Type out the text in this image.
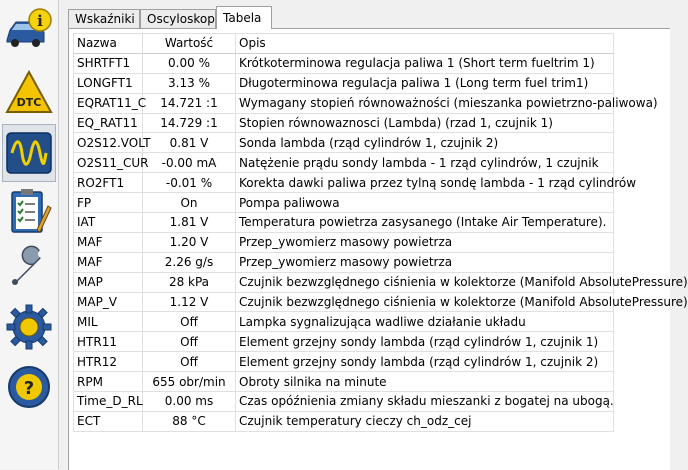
i
DTC
?
Wskaźniki	Oscyloskop Tabela
Nazwa	Wartość	Opis
SHRTFT1	0.00 %	Krótkoterminowa regulacja paliwa 1 (Short term fueltrim 1)
LONGFT1	3.13 %	Długoterminowa regulacja paliwa 1 (Long term fuel trim1)
EQRAT11_C	14.721 :1	Wymagany stopień równoważności (mieszanka powietrzno-paliwowa)
EQ_RAT11	14.729 :1	Stopien równowaznosci (Lambda) (rzad 1, czujnik 1)
O2S12.VOLT	0.81 V	Sonda lambda (rząd cylindrów 1, czujnik 2)
O2S11_CUR	-0.00 mA	Natężenie prądu sondy lambda - 1 rząd cylindrów, 1 czujnik
RO2FT1	-0.01 %	Korekta dawki paliwa przez tylną sondę lambda - 1 rząd cylindrów
FP	On	Pompa paliwowa
IAT	1.81 V	Temperatura powietrza zasysanego (Intake Air Temperature).
MAF	1.20 V	Przep_ywomierz masowy powietrza
MAF	2.26 g/s	Przep_ywomierz masowy powietrza
MAP	28 kPa	Czujnik bezwzględnego ciśnienia w kolektorze (Manifold AbsolutePressure)
MAP_V	1.12 V	Czujnik bezwzględnego ciśnienia w kolektorze (Manifold AbsolutePressure)
MIL	Off	Lampka sygnalizująca wadliwe działanie układu
HTR11	Off	Element grzejny sondy lambda (rząd cylindrów 1, czujnik 1)
HTR12	Off	Element grzejny sondy lambda (rząd cylindrów 1, czujnik 2)
RPM	655 obr/min	Obroty silnika na minute
Time_D_RL	0.00 ms	Czas opóźnienia zmiany składu mieszanki z bogatej na ubogą.
ECT	88 °C	Czujnik temperatury cieczy ch_odz_cej
